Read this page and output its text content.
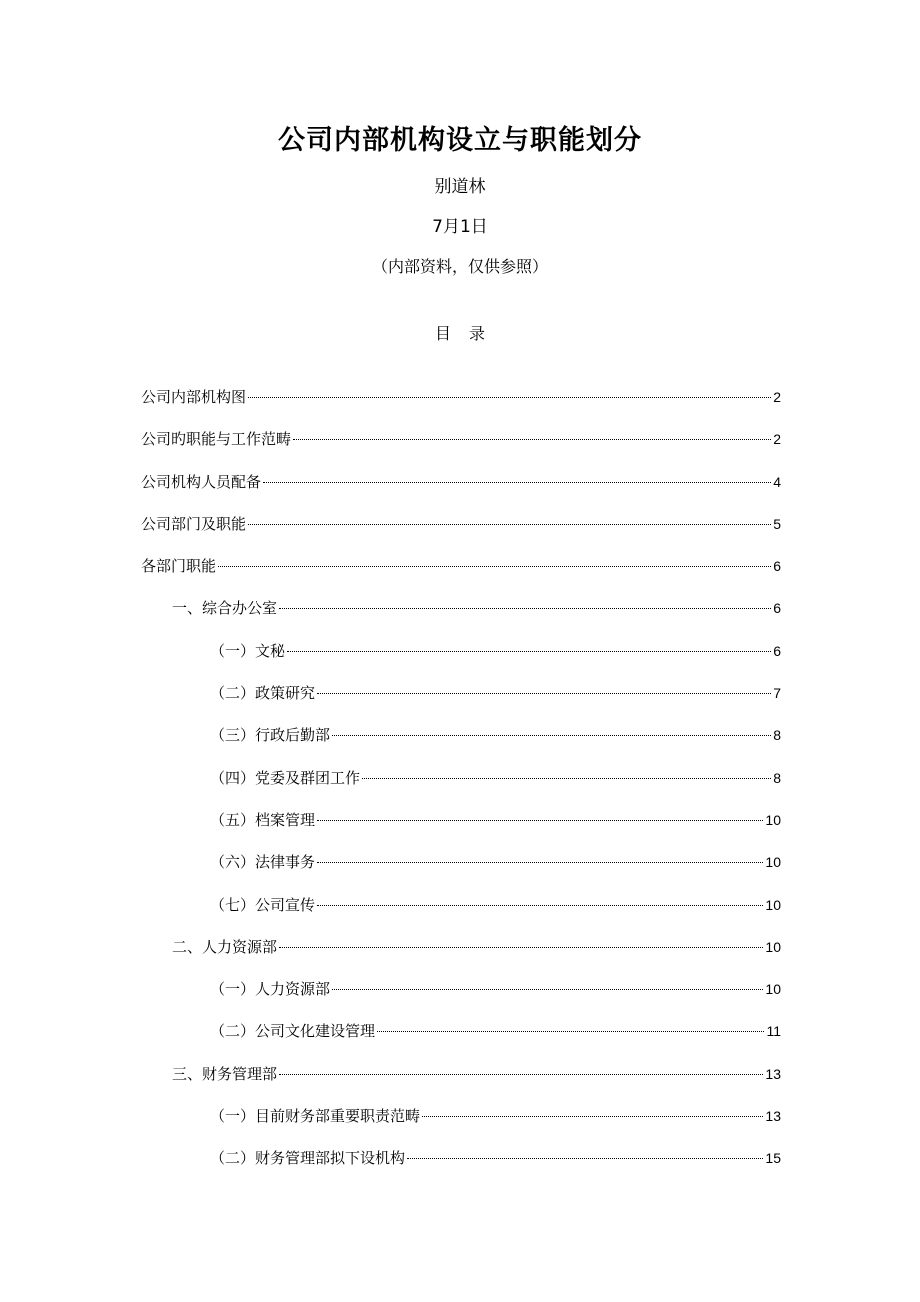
公司内部机构设立与职能划分
别道林
7月1日
（内部资料，仅供参照）
目录
公司内部机构图	2
公司旳职能与工作范畴	2
公司机构人员配备	4
公司部门及职能	5
各部门职能	6
一、综合办公室	6
（一）文秘	6
（二）政策研究	7
（三）行政后勤部	8
（四）党委及群团工作	8
（五）档案管理	10
（六）法律事务	10
（七）公司宣传	10
二、人力资源部	10
（一）人力资源部	10
（二）公司文化建设管理	11
三、财务管理部	13
（一）目前财务部重要职责范畴	13
（二）财务管理部拟下设机构	15
